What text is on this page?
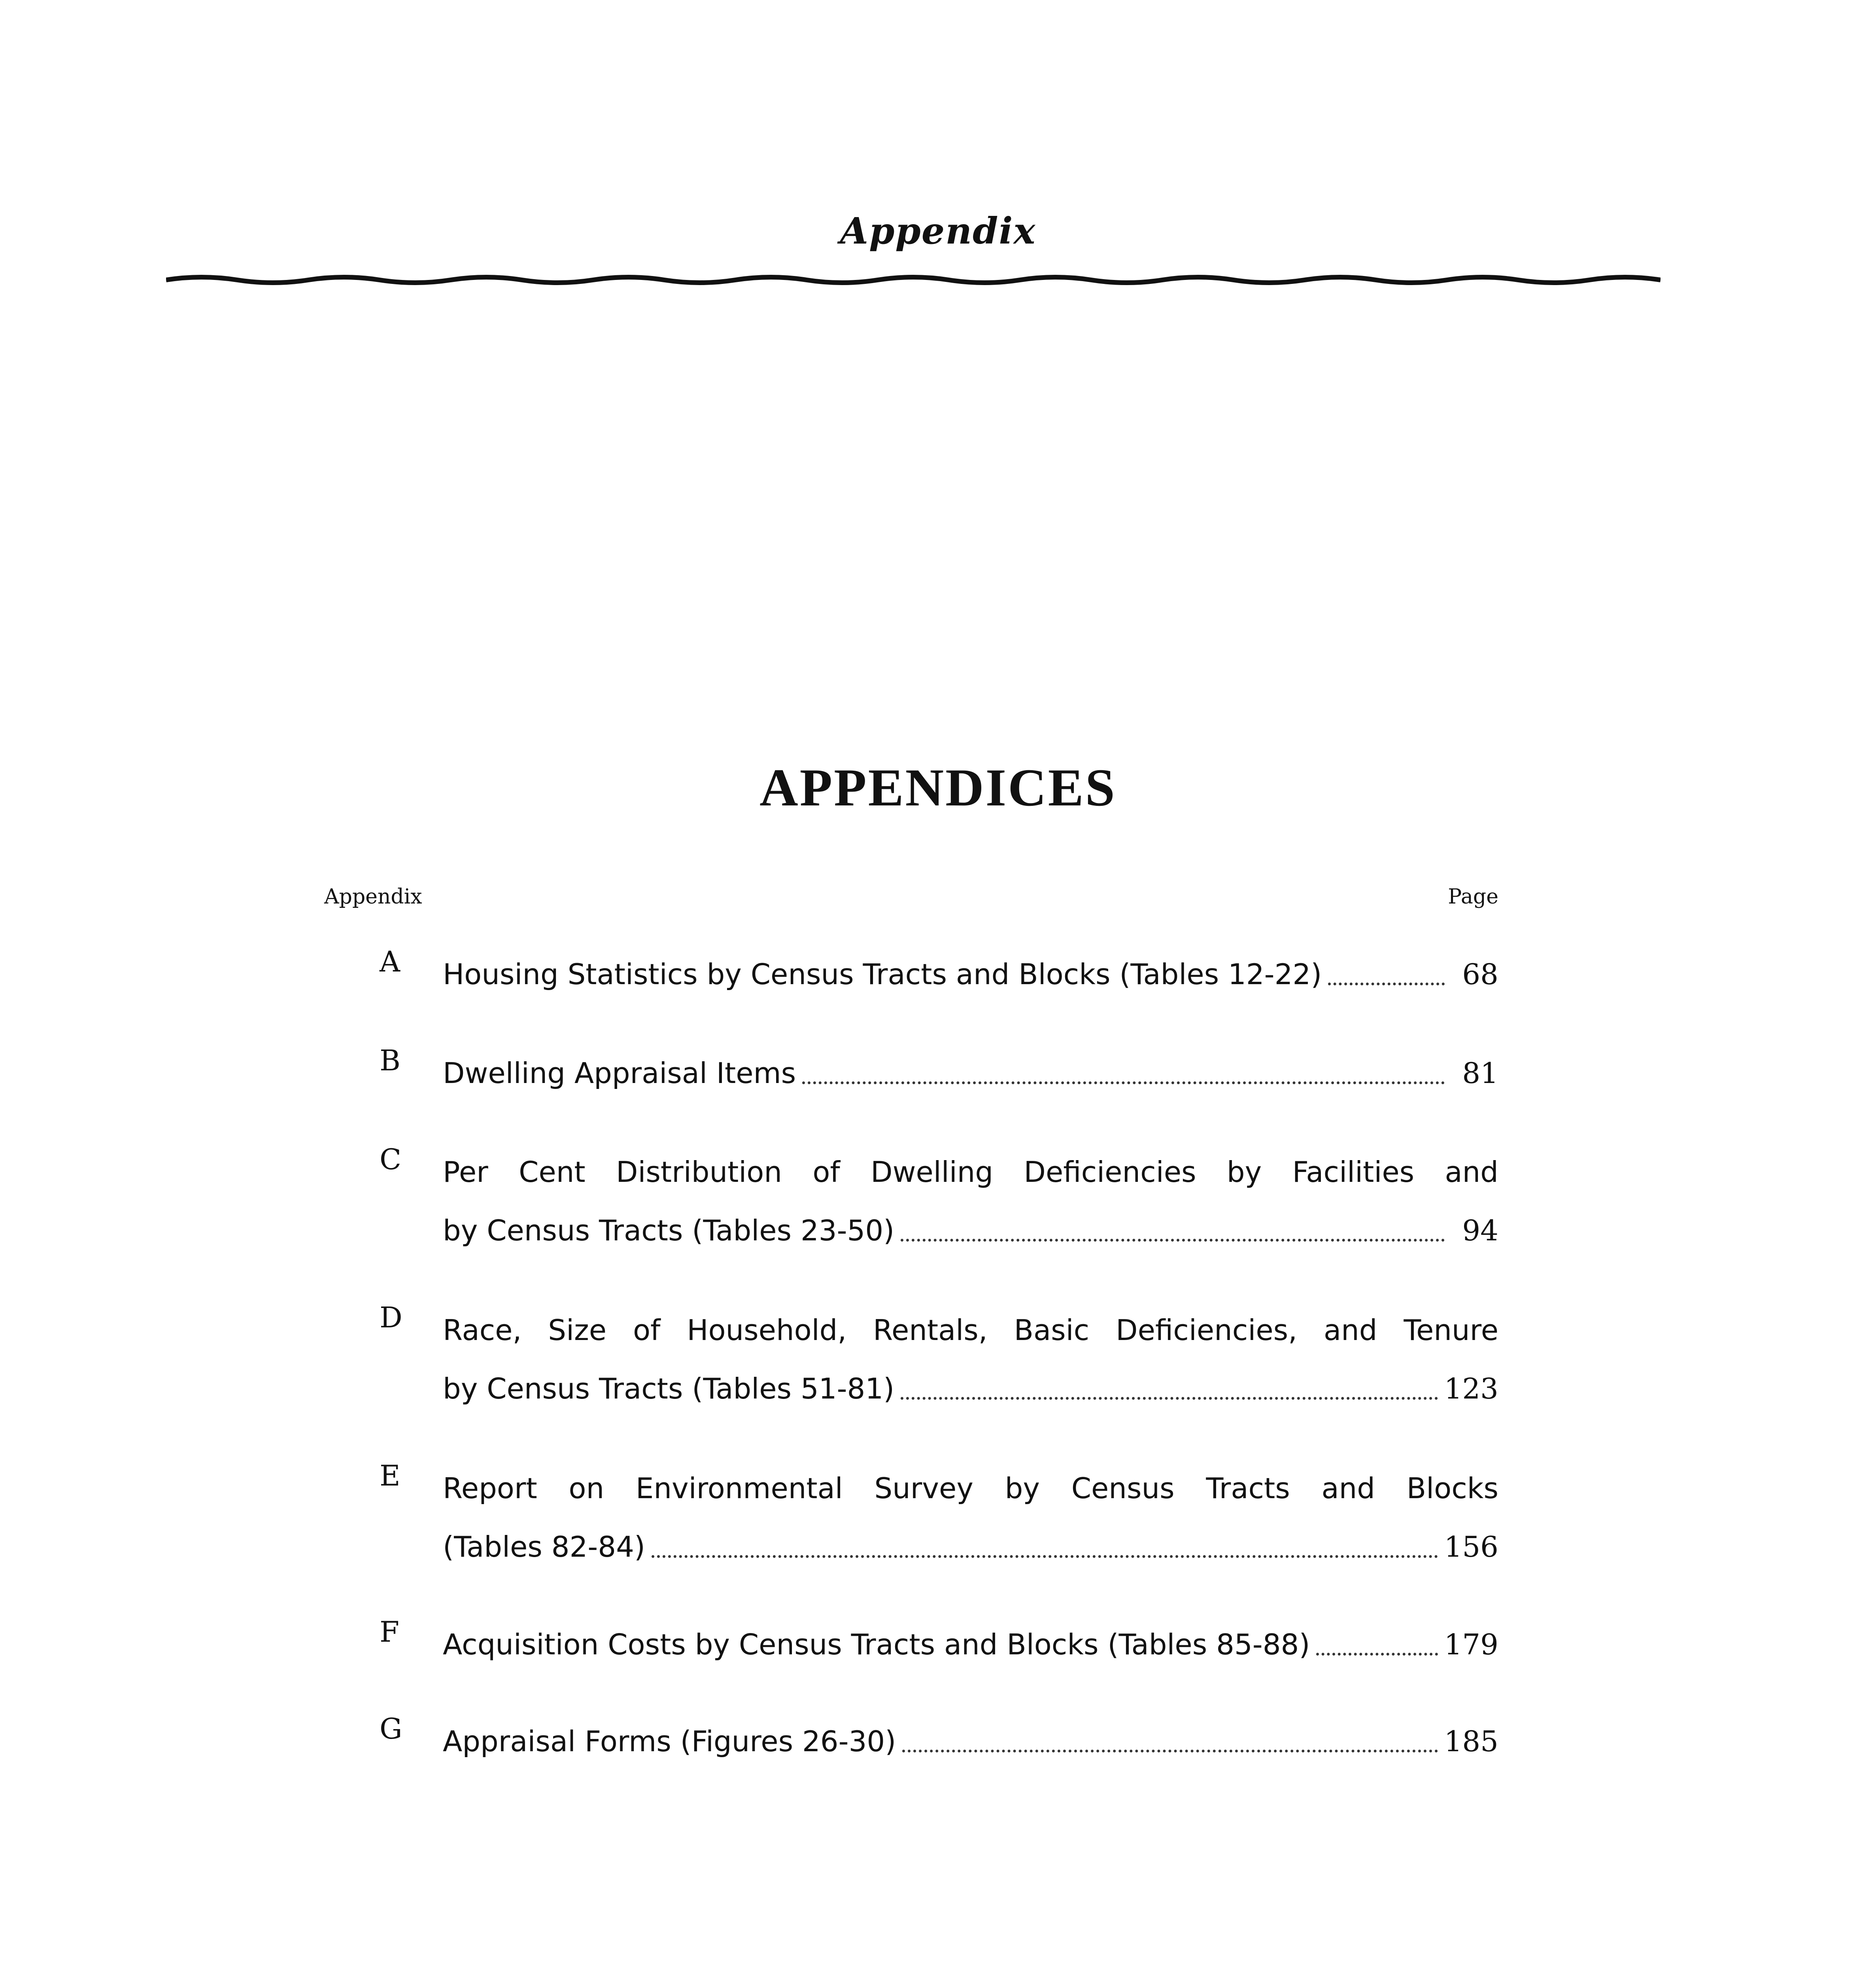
Appendix
APPENDICES
Appendix	Page
A	Housing Statistics by Census Tracts and Blocks (Tables 12-22)	68
B	Dwelling Appraisal Items	81
C	Per Cent Distribution of Dwelling Deficiencies by Facilities and
by Census Tracts (Tables 23-50)	94
D	Race, Size of Household, Rentals, Basic Deficiencies, and Tenure
by Census Tracts (Tables 51-81)	123
E	Report on Environmental Survey by Census Tracts and Blocks
(Tables 82-84)	156
F	Acquisition Costs by Census Tracts and Blocks (Tables 85-88)	179
G	Appraisal Forms (Figures 26-30)	185
